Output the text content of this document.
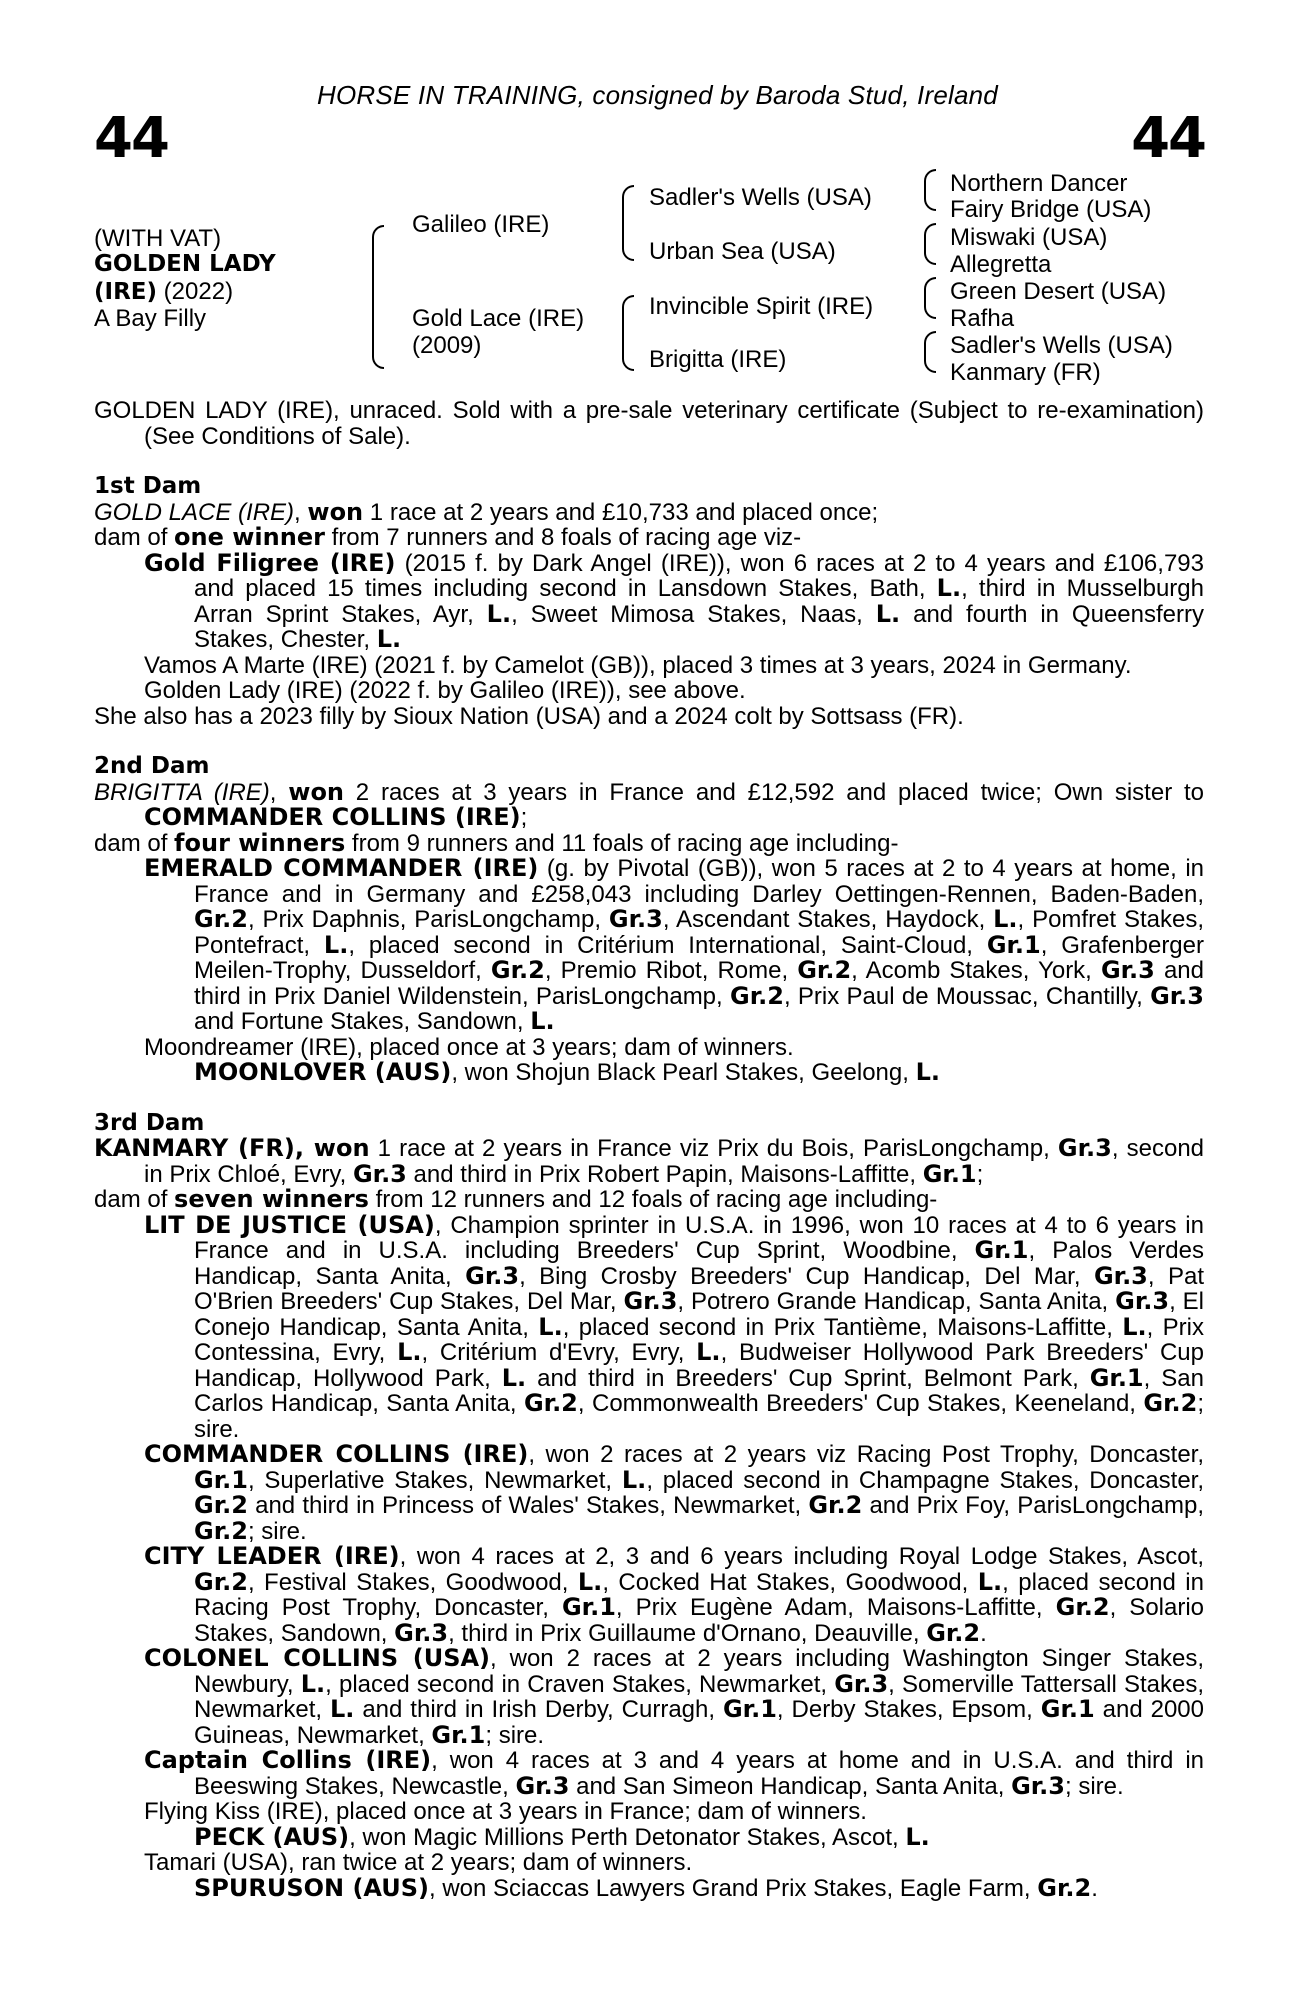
HORSE IN TRAINING, consigned by Baroda Stud, Ireland
44	44
(WITH VAT)
GOLDEN LADY
(IRE) (2022)
A Bay Filly
Galileo (IRE)
Gold Lace (IRE)
(2009)
Sadler's Wells (USA)
Urban Sea (USA)
Invincible Spirit (IRE)
Brigitta (IRE)
Northern Dancer
Fairy Bridge (USA)
Miswaki (USA)
Allegretta
Green Desert (USA)
Rafha
Sadler's Wells (USA)
Kanmary (FR)

GOLDEN LADY (IRE), unraced. Sold with a pre-sale veterinary certificate (Subject to re-examination) (See Conditions of Sale).

1st Dam

GOLD LACE (IRE), won 1 race at 2 years and £10,733 and placed once;

dam of one winner from 7 runners and 8 foals of racing age viz-

Gold Filigree (IRE) (2015 f. by Dark Angel (IRE)), won 6 races at 2 to 4 years and £106,793 and placed 15 times including second in Lansdown Stakes, Bath, L., third in Musselburgh Arran Sprint Stakes, Ayr, L., Sweet Mimosa Stakes, Naas, L. and fourth in Queensferry Stakes, Chester, L.

Vamos A Marte (IRE) (2021 f. by Camelot (GB)), placed 3 times at 3 years, 2024 in Germany.

Golden Lady (IRE) (2022 f. by Galileo (IRE)), see above.

She also has a 2023 filly by Sioux Nation (USA) and a 2024 colt by Sottsass (FR).

2nd Dam

BRIGITTA (IRE), won 2 races at 3 years in France and £12,592 and placed twice; Own sister to COMMANDER COLLINS (IRE);

dam of four winners from 9 runners and 11 foals of racing age including-

EMERALD COMMANDER (IRE) (g. by Pivotal (GB)), won 5 races at 2 to 4 years at home, in France and in Germany and £258,043 including Darley Oettingen-Rennen, Baden-Baden, Gr.2, Prix Daphnis, ParisLongchamp, Gr.3, Ascendant Stakes, Haydock, L., Pomfret Stakes, Pontefract, L., placed second in Critérium International, Saint-Cloud, Gr.1, Grafenberger Meilen-Trophy, Dusseldorf, Gr.2, Premio Ribot, Rome, Gr.2, Acomb Stakes, York, Gr.3 and third in Prix Daniel Wildenstein, ParisLongchamp, Gr.2, Prix Paul de Moussac, Chantilly, Gr.3 and Fortune Stakes, Sandown, L.

Moondreamer (IRE), placed once at 3 years; dam of winners.

MOONLOVER (AUS), won Shojun Black Pearl Stakes, Geelong, L.

3rd Dam

KANMARY (FR), won 1 race at 2 years in France viz Prix du Bois, ParisLongchamp, Gr.3, second in Prix Chloé, Evry, Gr.3 and third in Prix Robert Papin, Maisons-Laffitte, Gr.1;

dam of seven winners from 12 runners and 12 foals of racing age including-

LIT DE JUSTICE (USA), Champion sprinter in U.S.A. in 1996, won 10 races at 4 to 6 years in France and in U.S.A. including Breeders' Cup Sprint, Woodbine, Gr.1, Palos Verdes Handicap, Santa Anita, Gr.3, Bing Crosby Breeders' Cup Handicap, Del Mar, Gr.3, Pat O'Brien Breeders' Cup Stakes, Del Mar, Gr.3, Potrero Grande Handicap, Santa Anita, Gr.3, El Conejo Handicap, Santa Anita, L., placed second in Prix Tantième, Maisons-Laffitte, L., Prix Contessina, Evry, L., Critérium d'Evry, Evry, L., Budweiser Hollywood Park Breeders' Cup Handicap, Hollywood Park, L. and third in Breeders' Cup Sprint, Belmont Park, Gr.1, San Carlos Handicap, Santa Anita, Gr.2, Commonwealth Breeders' Cup Stakes, Keeneland, Gr.2; sire.

COMMANDER COLLINS (IRE), won 2 races at 2 years viz Racing Post Trophy, Doncaster, Gr.1, Superlative Stakes, Newmarket, L., placed second in Champagne Stakes, Doncaster, Gr.2 and third in Princess of Wales' Stakes, Newmarket, Gr.2 and Prix Foy, ParisLongchamp, Gr.2; sire.

CITY LEADER (IRE), won 4 races at 2, 3 and 6 years including Royal Lodge Stakes, Ascot, Gr.2, Festival Stakes, Goodwood, L., Cocked Hat Stakes, Goodwood, L., placed second in Racing Post Trophy, Doncaster, Gr.1, Prix Eugène Adam, Maisons-Laffitte, Gr.2, Solario Stakes, Sandown, Gr.3, third in Prix Guillaume d'Ornano, Deauville, Gr.2.

COLONEL COLLINS (USA), won 2 races at 2 years including Washington Singer Stakes, Newbury, L., placed second in Craven Stakes, Newmarket, Gr.3, Somerville Tattersall Stakes, Newmarket, L. and third in Irish Derby, Curragh, Gr.1, Derby Stakes, Epsom, Gr.1 and 2000 Guineas, Newmarket, Gr.1; sire.

Captain Collins (IRE), won 4 races at 3 and 4 years at home and in U.S.A. and third in Beeswing Stakes, Newcastle, Gr.3 and San Simeon Handicap, Santa Anita, Gr.3; sire.

Flying Kiss (IRE), placed once at 3 years in France; dam of winners.

PECK (AUS), won Magic Millions Perth Detonator Stakes, Ascot, L.

Tamari (USA), ran twice at 2 years; dam of winners.

SPURUSON (AUS), won Sciaccas Lawyers Grand Prix Stakes, Eagle Farm, Gr.2.
